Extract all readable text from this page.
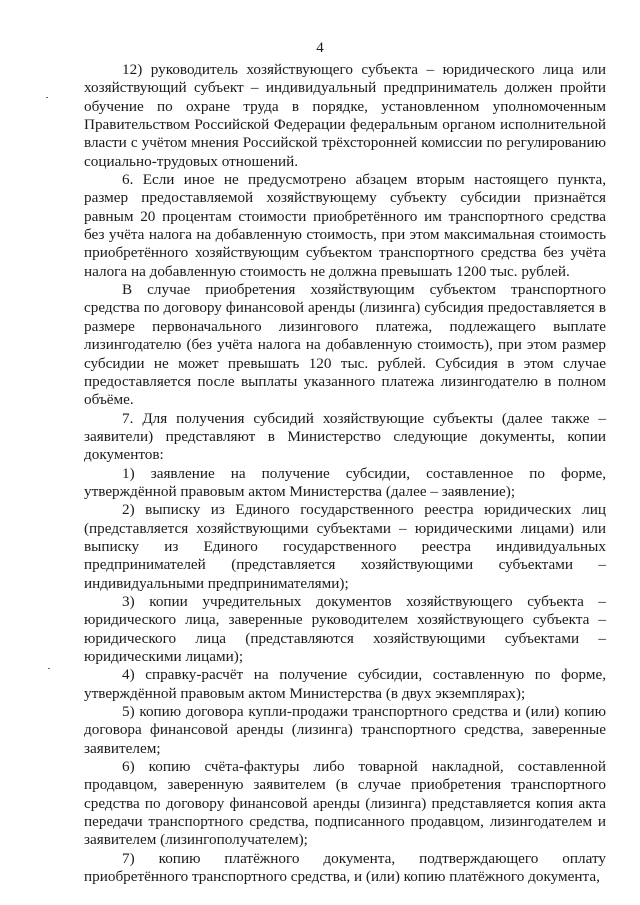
4

12) руководитель хозяйствующего субъекта – юридического лица или хозяйствующий субъект – индивидуальный предприниматель должен пройти обучение по охране труда в порядке, установленном уполномоченным Правительством Российской Федерации федеральным органом исполнительной власти с учётом мнения Российской трёхсторонней комиссии по регулированию социально-трудовых отношений.

6. Если иное не предусмотрено абзацем вторым настоящего пункта, размер предоставляемой хозяйствующему субъекту субсидии признаётся равным 20 процентам стоимости приобретённого им транспортного средства без учёта налога на добавленную стоимость, при этом максимальная стоимость приобретённого хозяйствующим субъектом транспортного средства без учёта налога на добавленную стоимость не должна превышать 1200 тыс. рублей.

В случае приобретения хозяйствующим субъектом транспортного средства по договору финансовой аренды (лизинга) субсидия предоставляется в размере первоначального лизингового платежа, подлежащего выплате лизингодателю (без учёта налога на добавленную стоимость), при этом размер субсидии не может превышать 120 тыс. рублей. Субсидия в этом случае предоставляется после выплаты указанного платежа лизингодателю в полном объёме.

7. Для получения субсидий хозяйствующие субъекты (далее также – заявители) представляют в Министерство следующие документы, копии документов:

1) заявление на получение субсидии, составленное по форме, утверждённой правовым актом Министерства (далее – заявление);

2) выписку из Единого государственного реестра юридических лиц (представляется хозяйствующими субъектами – юридическими лицами) или выписку из Единого государственного реестра индивидуальных предпринимателей (представляется хозяйствующими субъектами – индивидуальными предпринимателями);

3) копии учредительных документов хозяйствующего субъекта – юридического лица, заверенные руководителем хозяйствующего субъекта – юридического лица (представляются хозяйствующими субъектами – юридическими лицами);

4) справку-расчёт на получение субсидии, составленную по форме, утверждённой правовым актом Министерства (в двух экземплярах);

5) копию договора купли-продажи транспортного средства и (или) копию договора финансовой аренды (лизинга) транспортного средства, заверенные заявителем;

6) копию счёта-фактуры либо товарной накладной, составленной продавцом, заверенную заявителем (в случае приобретения транспортного средства по договору финансовой аренды (лизинга) представляется копия акта передачи транспортного средства, подписанного продавцом, лизингодателем и заявителем (лизингополучателем);

7) копию платёжного документа, подтверждающего оплату приобретённого транспортного средства, и (или) копию платёжного документа,
